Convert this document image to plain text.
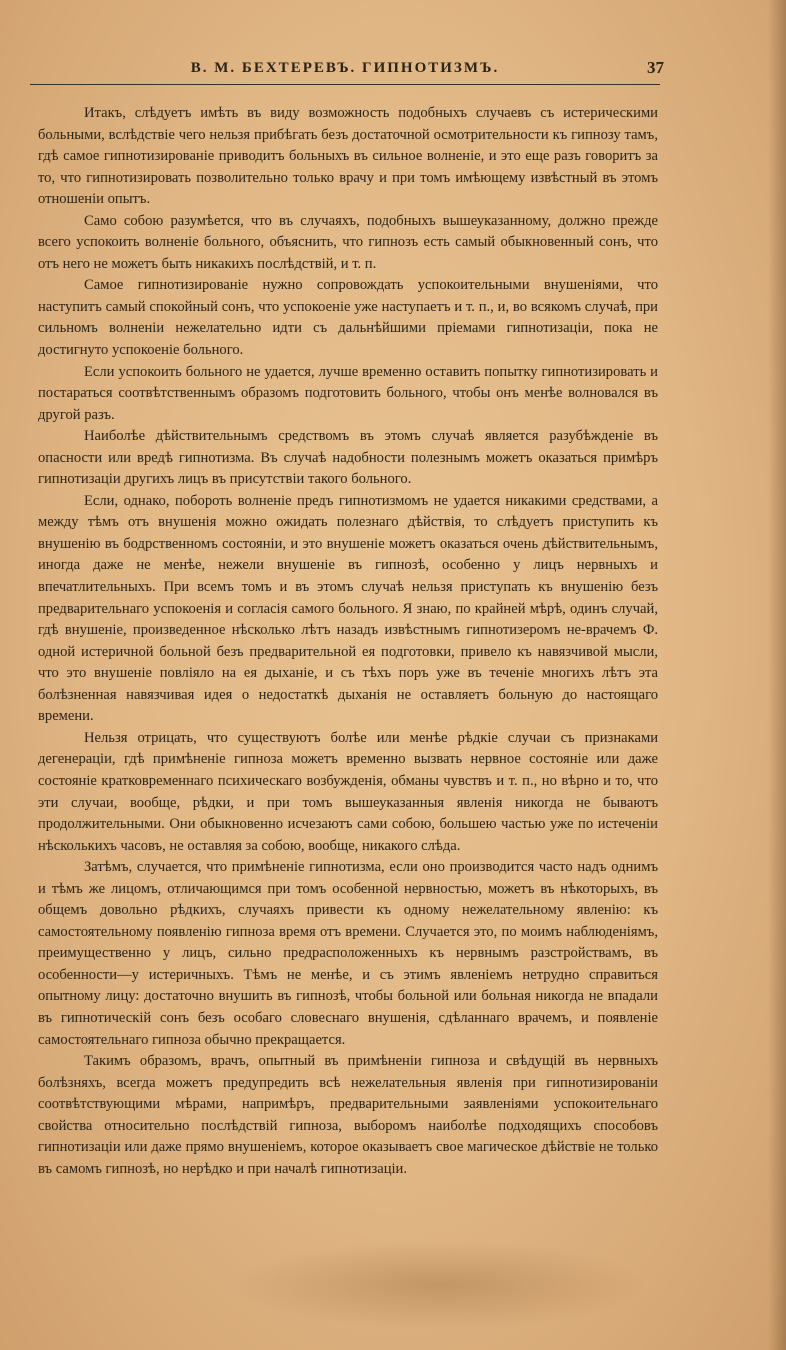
В. М. БЕХТЕРЕВЪ. ГИПНОТИЗМЪ.	37

Итакъ, слѣдуетъ имѣть въ виду возможность подобныхъ случаевъ съ истерическими больными, вслѣдствіе чего нельзя прибѣгать безъ достаточной осмотрительности къ гипнозу тамъ, гдѣ самое гипнотизированіе приводитъ больныхъ въ сильное волненіе, и это еще разъ говоритъ за то, что гипнотизировать позволительно только врачу и при томъ имѣющему извѣстный въ этомъ отношеніи опытъ.

Само собою разумѣется, что въ случаяхъ, подобныхъ вышеуказанному, должно прежде всего успокоить волненіе больного, объяснить, что гипнозъ есть самый обыкновенный сонъ, что отъ него не можетъ быть никакихъ послѣдствій, и т. п.

Самое гипнотизированіе нужно сопровождать успокоительными внушеніями, что наступитъ самый спокойный сонъ, что успокоеніе уже наступаетъ и т. п., и, во всякомъ случаѣ, при сильномъ волненіи нежелательно идти съ дальнѣйшими пріемами гипнотизаціи, пока не достигнуто успокоеніе больного.

Если успокоить больного не удается, лучше временно оставить попытку гипнотизировать и постараться соотвѣтственнымъ образомъ подготовить больного, чтобы онъ менѣе волновался въ другой разъ.

Наиболѣе дѣйствительнымъ средствомъ въ этомъ случаѣ является разубѣжденіе въ опасности или вредѣ гипнотизма. Въ случаѣ надобности полезнымъ можетъ оказаться примѣръ гипнотизаціи другихъ лицъ въ присутствіи такого больного.

Если, однако, побороть волненіе предъ гипнотизмомъ не удается никакими средствами, а между тѣмъ отъ внушенія можно ожидать полезнаго дѣйствія, то слѣдуетъ приступить къ внушенію въ бодрственномъ состояніи, и это внушеніе можетъ оказаться очень дѣйствительнымъ, иногда даже не менѣе, нежели внушеніе въ гипнозѣ, особенно у лицъ нервныхъ и впечатлительныхъ. При всемъ томъ и въ этомъ случаѣ нельзя приступать къ внушенію безъ предварительнаго успокоенія и согласія самого больного. Я знаю, по крайней мѣрѣ, одинъ случай, гдѣ внушеніе, произведенное нѣсколько лѣтъ назадъ извѣстнымъ гипнотизеромъ не-врачемъ Ф. одной истеричной больной безъ предварительной ея подготовки, привело къ навязчивой мысли, что это внушеніе повліяло на ея дыханіе, и съ тѣхъ поръ уже въ теченіе многихъ лѣтъ эта болѣзненная навязчивая идея о недостаткѣ дыханія не оставляетъ больную до настоящаго времени.

Нельзя отрицать, что существуютъ болѣе или менѣе рѣдкіе случаи съ признаками дегенераціи, гдѣ примѣненіе гипноза можетъ временно вызвать нервное состояніе или даже состояніе кратковременнаго психическаго возбужденія, обманы чувствъ и т. п., но вѣрно и то, что эти случаи, вообще, рѣдки, и при томъ вышеуказанныя явленія никогда не бываютъ продолжительными. Они обыкновенно исчезаютъ сами собою, большею частью уже по истеченіи нѣсколькихъ часовъ, не оставляя за собою, вообще, никакого слѣда.

Затѣмъ, случается, что примѣненіе гипнотизма, если оно производится часто надъ однимъ и тѣмъ же лицомъ, отличающимся при томъ особенной нервностью, можетъ въ нѣкоторыхъ, въ общемъ довольно рѣдкихъ, случаяхъ привести къ одному нежелательному явленію: къ самостоятельному появленію гипноза время отъ времени. Случается это, по моимъ наблюденіямъ, преимущественно у лицъ, сильно предрасположенныхъ къ нервнымъ разстройствамъ, въ особенности—у истеричныхъ. Тѣмъ не менѣе, и съ этимъ явленіемъ нетрудно справиться опытному лицу: достаточно внушить въ гипнозѣ, чтобы больной или больная никогда не впадали въ гипнотическій сонъ безъ особаго словеснаго внушенія, сдѣланнаго врачемъ, и появленіе самостоятельнаго гипноза обычно прекращается.

Такимъ образомъ, врачъ, опытный въ примѣненіи гипноза и свѣдущій въ нервныхъ болѣзняхъ, всегда можетъ предупредить всѣ нежелательныя явленія при гипнотизированіи соотвѣтствующими мѣрами, напримѣръ, предварительными заявленіями успокоительнаго свойства относительно послѣдствій гипноза, выборомъ наиболѣе подходящихъ способовъ гипнотизаціи или даже прямо внушеніемъ, которое оказываетъ свое магическое дѣйствіе не только въ самомъ гипнозѣ, но нерѣдко и при началѣ гипнотизаціи.
